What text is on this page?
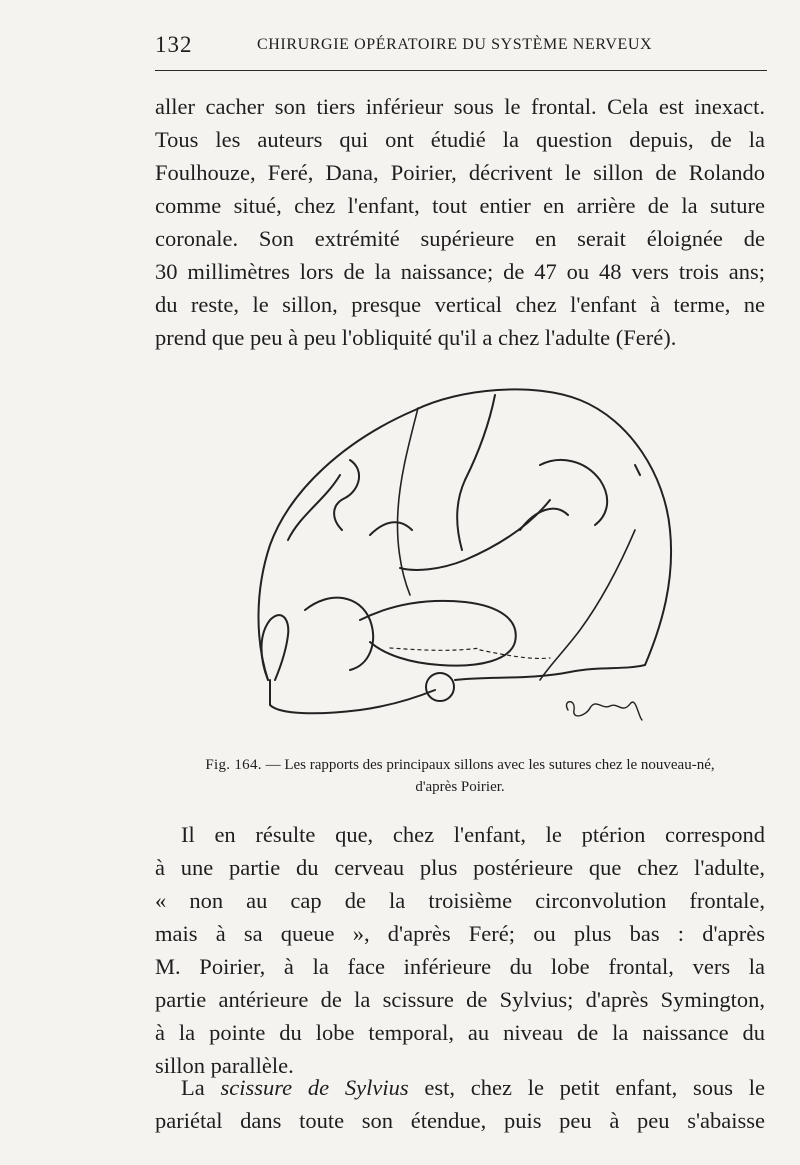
132	CHIRURGIE OPÉRATOIRE DU SYSTÈME NERVEUX

aller cacher son tiers inférieur sous le frontal. Cela est inexact.
Tous les auteurs qui ont étudié la question depuis, de la
Foulhouze, Feré, Dana, Poirier, décrivent le sillon de Rolando
comme situé, chez l'enfant, tout entier en arrière de la suture
coronale. Son extrémité supérieure en serait éloignée de
30 millimètres lors de la naissance; de 47 ou 48 vers trois ans;
du reste, le sillon, presque vertical chez l'enfant à terme, ne
prend que peu à peu l'obliquité qu'il a chez l'adulte (Feré).

Fig. 164. — Les rapports des principaux sillons avec les sutures chez le nouveau-né,
d'après Poirier.

Il en résulte que, chez l'enfant, le ptérion correspond
à une partie du cerveau plus postérieure que chez l'adulte,
« non au cap de la troisième circonvolution frontale,
mais à sa queue », d'après Feré; ou plus bas : d'après
M. Poirier, à la face inférieure du lobe frontal, vers la
partie antérieure de la scissure de Sylvius; d'après Symington,
à la pointe du lobe temporal, au niveau de la naissance du
sillon parallèle.

La scissure de Sylvius est, chez le petit enfant, sous le
pariétal dans toute son étendue, puis peu à peu s'abaisse
